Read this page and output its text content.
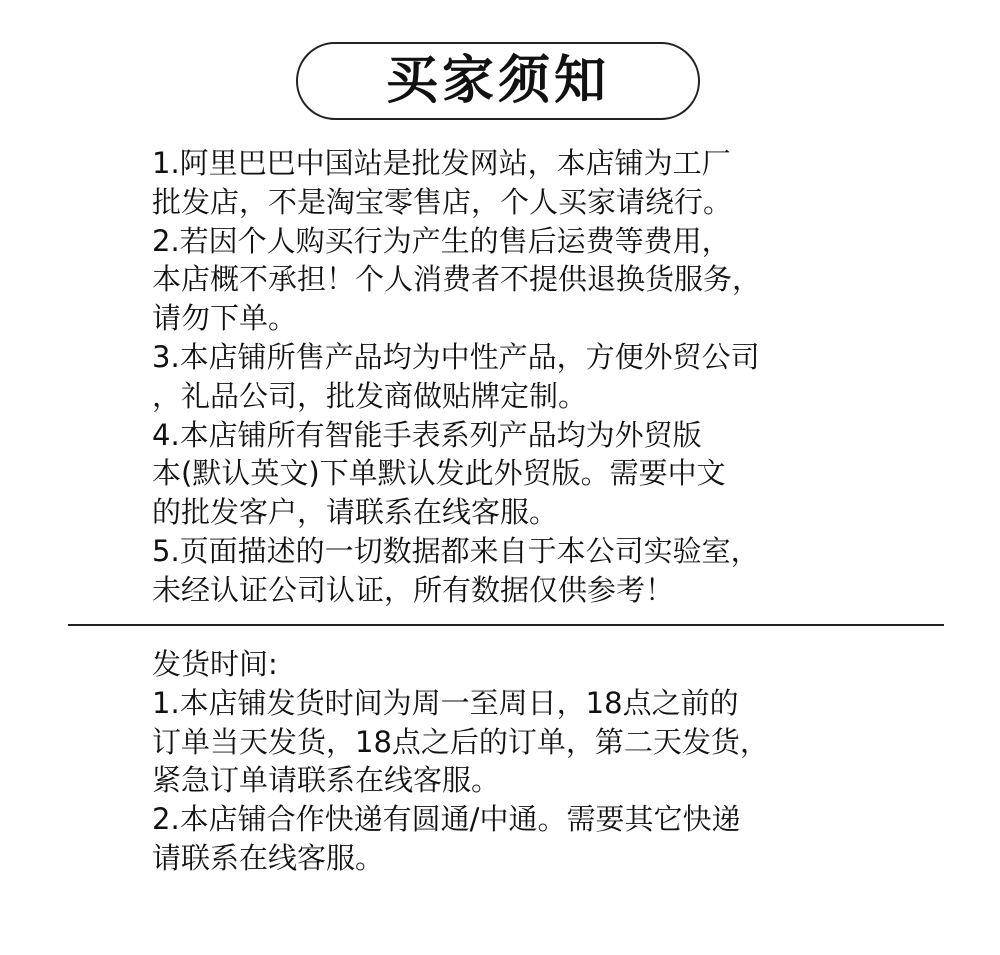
买家须知
1.阿里巴巴中国站是批发网站，本店铺为工厂
批发店，不是淘宝零售店，个人买家请绕行。
2.若因个人购买行为产生的售后运费等费用，
本店概不承担！个人消费者不提供退换货服务，
请勿下单。
3.本店铺所售产品均为中性产品，方便外贸公司
，礼品公司，批发商做贴牌定制。
4.本店铺所有智能手表系列产品均为外贸版
本(默认英文)下单默认发此外贸版。需要中文
的批发客户，请联系在线客服。
5.页面描述的一切数据都来自于本公司实验室，
未经认证公司认证，所有数据仅供参考！
发货时间:
1.本店铺发货时间为周一至周日，18点之前的
订单当天发货，18点之后的订单，第二天发货，
紧急订单请联系在线客服。
2.本店铺合作快递有圆通/中通。需要其它快递
请联系在线客服。
